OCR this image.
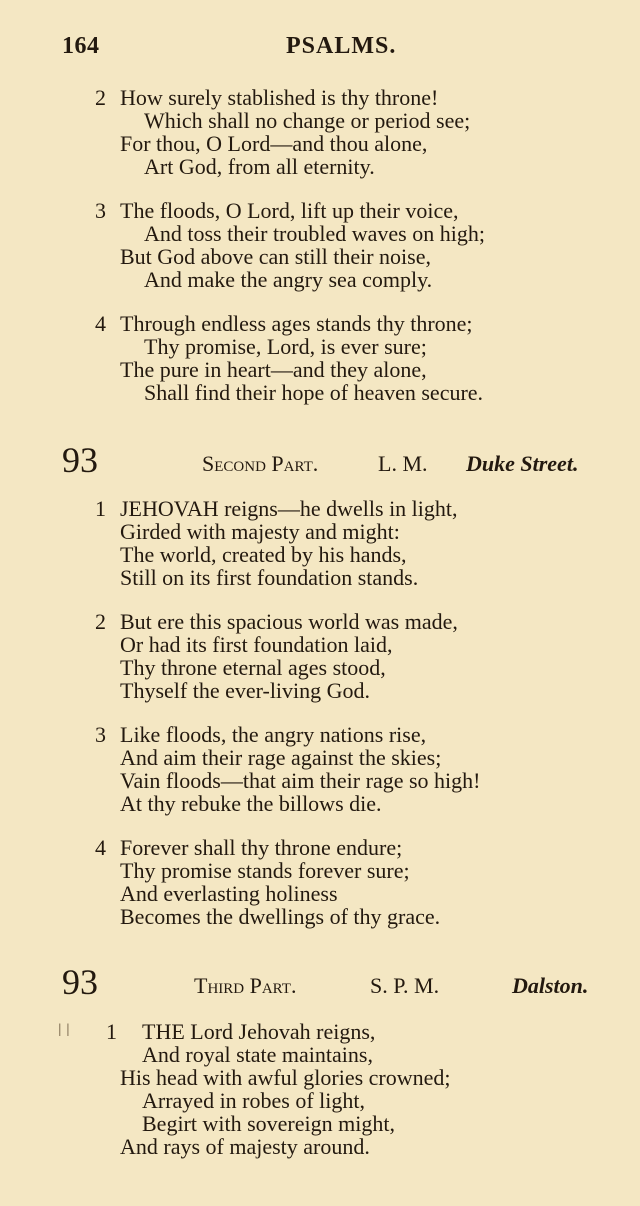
164	PSALMS.
2 How surely stablished is thy throne!
Which shall no change or period see;
For thou, O Lord—and thou alone,
Art God, from all eternity.
3 The floods, O Lord, lift up their voice,
And toss their troubled waves on high;
But God above can still their noise,
And make the angry sea comply.
4 Through endless ages stands thy throne;
Thy promise, Lord, is ever sure;
The pure in heart—and they alone,
Shall find their hope of heaven secure.
93	Second Part.	L. M. Duke Street.
1 JEHOVAH reigns—he dwells in light,
Girded with majesty and might:
The world, created by his hands,
Still on its first foundation stands.
2 But ere this spacious world was made,
Or had its first foundation laid,
Thy throne eternal ages stood,
Thyself the ever-living God.
3 Like floods, the angry nations rise,
And aim their rage against the skies;
Vain floods—that aim their rage so high!
At thy rebuke the billows die.
4 Forever shall thy throne endure;
Thy promise stands forever sure;
And everlasting holiness
Becomes the dwellings of thy grace.
93	Third Part.	S. P. M.	Dalston.
ǀ ǀ 1 THE Lord Jehovah reigns,
And royal state maintains,
His head with awful glories crowned;
Arrayed in robes of light,
Begirt with sovereign might,
And rays of majesty around.
